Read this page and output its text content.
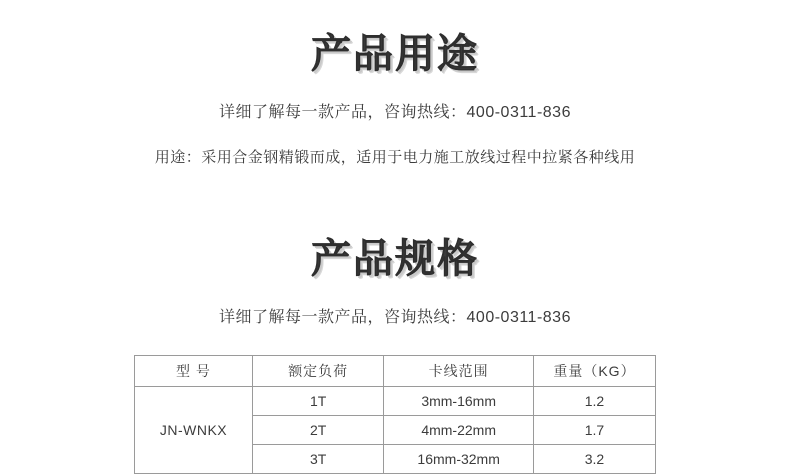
产品用途
详细了解每一款产品，咨询热线：400-0311-836
用途：采用合金钢精锻而成，适用于电力施工放线过程中拉紧各种线用
产品规格
详细了解每一款产品，咨询热线：400-0311-836
型 号	额定负荷	卡线范围	重量（KG）
JN-WNKX	1T	3mm-16mm	1.2
	2T	4mm-22mm	1.7
	3T	16mm-32mm	3.2
